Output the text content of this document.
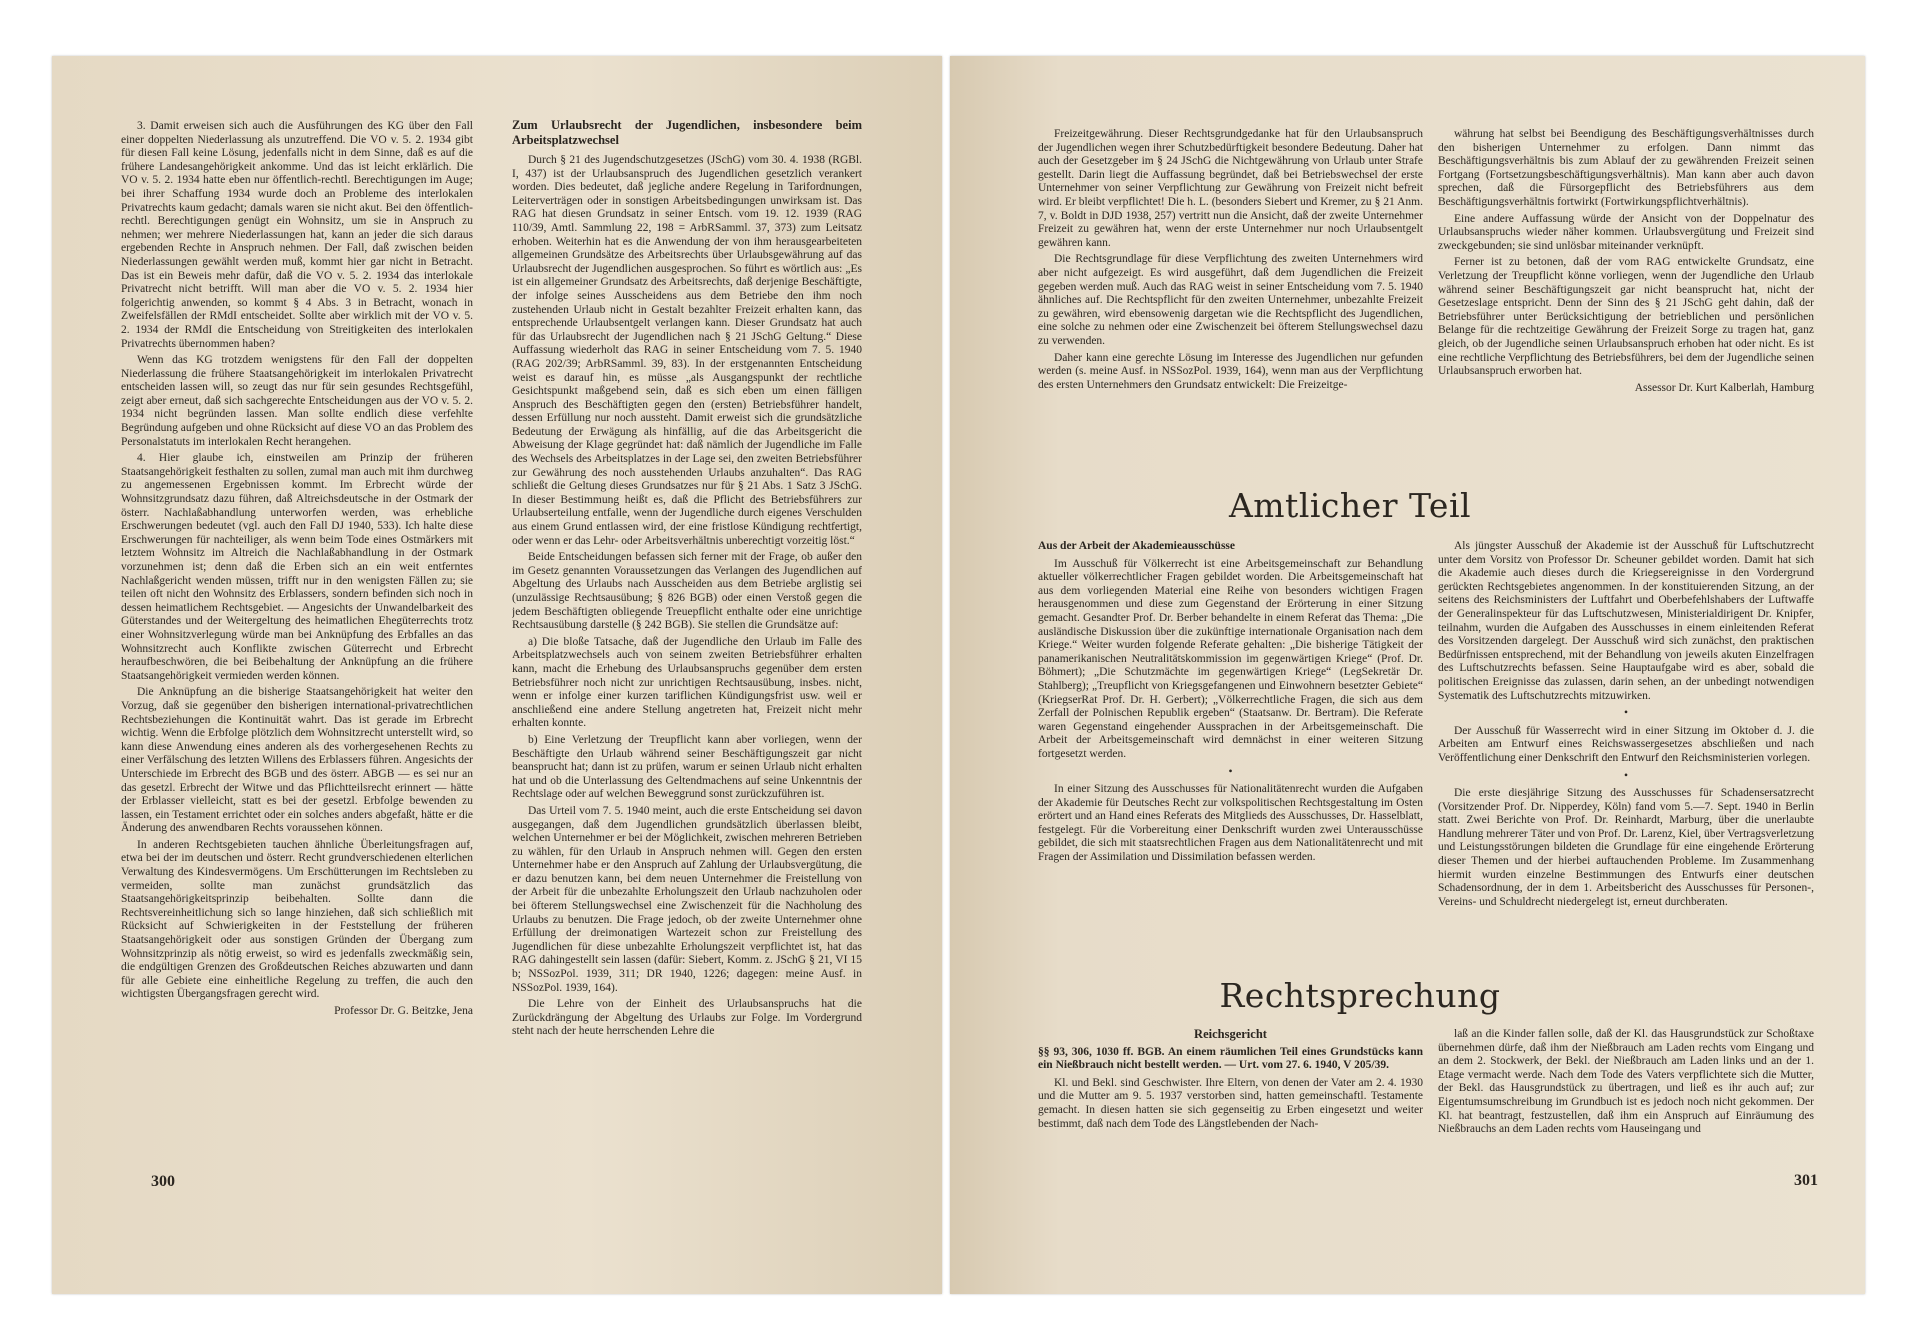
3. Damit erweisen sich auch die Ausführungen des KG über den Fall einer doppelten Niederlassung als unzutreffend. Die VO v. 5. 2. 1934 gibt für diesen Fall keine Lösung, jedenfalls nicht in dem Sinne, daß es auf die frühere Landesangehörigkeit ankomme. Und das ist leicht erklärlich. Die VO v. 5. 2. 1934 hatte eben nur öffentlich-rechtl. Berechtigungen im Auge; bei ihrer Schaffung 1934 wurde doch an Probleme des interlokalen Privatrechts kaum gedacht; damals waren sie nicht akut. Bei den öffentlich-rechtl. Berechtigungen genügt ein Wohnsitz, um sie in Anspruch zu nehmen; wer mehrere Niederlassungen hat, kann an jeder die sich daraus ergebenden Rechte in Anspruch nehmen. Der Fall, daß zwischen beiden Niederlassungen gewählt werden muß, kommt hier gar nicht in Betracht. Das ist ein Beweis mehr dafür, daß die VO v. 5. 2. 1934 das interlokale Privatrecht nicht betrifft. Will man aber die VO v. 5. 2. 1934 hier folgerichtig anwenden, so kommt § 4 Abs. 3 in Betracht, wonach in Zweifelsfällen der RMdI entscheidet. Sollte aber wirklich mit der VO v. 5. 2. 1934 der RMdI die Entscheidung von Streitigkeiten des interlokalen Privatrechts übernommen haben?

Wenn das KG trotzdem wenigstens für den Fall der doppelten Niederlassung die frühere Staatsangehörigkeit im interlokalen Privatrecht entscheiden lassen will, so zeugt das nur für sein gesundes Rechtsgefühl, zeigt aber erneut, daß sich sachgerechte Entscheidungen aus der VO v. 5. 2. 1934 nicht begründen lassen. Man sollte endlich diese verfehlte Begründung aufgeben und ohne Rücksicht auf diese VO an das Problem des Personalstatuts im interlokalen Recht herangehen.

4. Hier glaube ich, einstweilen am Prinzip der früheren Staatsangehörigkeit festhalten zu sollen, zumal man auch mit ihm durchweg zu angemessenen Ergebnissen kommt. Im Erbrecht würde der Wohnsitzgrundsatz dazu führen, daß Altreichsdeutsche in der Ostmark der österr. Nachlaßabhandlung unterworfen werden, was erhebliche Erschwerungen bedeutet (vgl. auch den Fall DJ 1940, 533). Ich halte diese Erschwerungen für nachteiliger, als wenn beim Tode eines Ostmärkers mit letztem Wohnsitz im Altreich die Nachlaßabhandlung in der Ostmark vorzunehmen ist; denn daß die Erben sich an ein weit entferntes Nachlaßgericht wenden müssen, trifft nur in den wenigsten Fällen zu; sie teilen oft nicht den Wohnsitz des Erblassers, sondern befinden sich noch in dessen heimatlichem Rechtsgebiet. — Angesichts der Unwandelbarkeit des Güterstandes und der Weitergeltung des heimatlichen Ehegüterrechts trotz einer Wohnsitzverlegung würde man bei Anknüpfung des Erbfalles an das Wohnsitzrecht auch Konflikte zwischen Güterrecht und Erbrecht heraufbeschwören, die bei Beibehaltung der Anknüpfung an die frühere Staatsangehörigkeit vermieden werden können.

Die Anknüpfung an die bisherige Staatsangehörigkeit hat weiter den Vorzug, daß sie gegenüber den bisherigen international-privatrechtlichen Rechtsbeziehungen die Kontinuität wahrt. Das ist gerade im Erbrecht wichtig. Wenn die Erbfolge plötzlich dem Wohnsitzrecht unterstellt wird, so kann diese Anwendung eines anderen als des vorhergesehenen Rechts zu einer Verfälschung des letzten Willens des Erblassers führen. Angesichts der Unterschiede im Erbrecht des BGB und des österr. ABGB — es sei nur an das gesetzl. Erbrecht der Witwe und das Pflichtteilsrecht erinnert — hätte der Erblasser vielleicht, statt es bei der gesetzl. Erbfolge bewenden zu lassen, ein Testament errichtet oder ein solches anders abgefaßt, hätte er die Änderung des anwendbaren Rechts voraussehen können.

In anderen Rechtsgebieten tauchen ähnliche Überleitungsfragen auf, etwa bei der im deutschen und österr. Recht grundverschiedenen elterlichen Verwaltung des Kindesvermögens. Um Erschütterungen im Rechtsleben zu vermeiden, sollte man zunächst grundsätzlich das Staatsangehörigkeitsprinzip beibehalten. Sollte dann die Rechtsvereinheitlichung sich so lange hinziehen, daß sich schließlich mit Rücksicht auf Schwierigkeiten in der Feststellung der früheren Staatsangehörigkeit oder aus sonstigen Gründen der Übergang zum Wohnsitzprinzip als nötig erweist, so wird es jedenfalls zweckmäßig sein, die endgültigen Grenzen des Großdeutschen Reiches abzuwarten und dann für alle Gebiete eine einheitliche Regelung zu treffen, die auch den wichtigsten Übergangsfragen gerecht wird.

Professor Dr. G. Beitzke, Jena
Zum Urlaubsrecht der Jugendlichen, insbesondere beim Arbeitsplatzwechsel

Durch § 21 des Jugendschutzgesetzes (JSchG) vom 30. 4. 1938 (RGBl. I, 437) ist der Urlaubsanspruch des Jugendlichen gesetzlich verankert worden. Dies bedeutet, daß jegliche andere Regelung in Tarifordnungen, Leiterverträgen oder in sonstigen Arbeitsbedingungen unwirksam ist. Das RAG hat diesen Grundsatz in seiner Entsch. vom 19. 12. 1939 (RAG 110/39, Amtl. Sammlung 22, 198 = ArbRSamml. 37, 373) zum Leitsatz erhoben. Weiterhin hat es die Anwendung der von ihm herausgearbeiteten allgemeinen Grundsätze des Arbeitsrechts über Urlaubsgewährung auf das Urlaubsrecht der Jugendlichen ausgesprochen. So führt es wörtlich aus: „Es ist ein allgemeiner Grundsatz des Arbeitsrechts, daß derjenige Beschäftigte, der infolge seines Ausscheidens aus dem Betriebe den ihm noch zustehenden Urlaub nicht in Gestalt bezahlter Freizeit erhalten kann, das entsprechende Urlaubsentgelt verlangen kann. Dieser Grundsatz hat auch für das Urlaubsrecht der Jugendlichen nach § 21 JSchG Geltung.“ Diese Auffassung wiederholt das RAG in seiner Entscheidung vom 7. 5. 1940 (RAG 202/39; ArbRSamml. 39, 83). In der erstgenannten Entscheidung weist es darauf hin, es müsse „als Ausgangspunkt der rechtliche Gesichtspunkt maßgebend sein, daß es sich eben um einen fälligen Anspruch des Beschäftigten gegen den (ersten) Betriebsführer handelt, dessen Erfüllung nur noch aussteht. Damit erweist sich die grundsätzliche Bedeutung der Erwägung als hinfällig, auf die das Arbeitsgericht die Abweisung der Klage gegründet hat: daß nämlich der Jugendliche im Falle des Wechsels des Arbeitsplatzes in der Lage sei, den zweiten Betriebsführer zur Gewährung des noch ausstehenden Urlaubs anzuhalten“. Das RAG schließt die Geltung dieses Grundsatzes nur für § 21 Abs. 1 Satz 3 JSchG. In dieser Bestimmung heißt es, daß die Pflicht des Betriebsführers zur Urlaubserteilung entfalle, wenn der Jugendliche durch eigenes Verschulden aus einem Grund entlassen wird, der eine fristlose Kündigung rechtfertigt, oder wenn er das Lehr- oder Arbeitsverhältnis unberechtigt vorzeitig löst.“

Beide Entscheidungen befassen sich ferner mit der Frage, ob außer den im Gesetz genannten Voraussetzungen das Verlangen des Jugendlichen auf Abgeltung des Urlaubs nach Ausscheiden aus dem Betriebe arglistig sei (unzulässige Rechtsausübung; § 826 BGB) oder einen Verstoß gegen die jedem Beschäftigten obliegende Treuepflicht enthalte oder eine unrichtige Rechtsausübung darstelle (§ 242 BGB). Sie stellen die Grundsätze auf:

a) Die bloße Tatsache, daß der Jugendliche den Urlaub im Falle des Arbeitsplatzwechsels auch von seinem zweiten Betriebsführer erhalten kann, macht die Erhebung des Urlaubsanspruchs gegenüber dem ersten Betriebsführer noch nicht zur unrichtigen Rechtsausübung, insbes. nicht, wenn er infolge einer kurzen tariflichen Kündigungsfrist usw. weil er anschließend eine andere Stellung angetreten hat, Freizeit nicht mehr erhalten konnte.

b) Eine Verletzung der Treupflicht kann aber vorliegen, wenn der Beschäftigte den Urlaub während seiner Beschäftigungszeit gar nicht beansprucht hat; dann ist zu prüfen, warum er seinen Urlaub nicht erhalten hat und ob die Unterlassung des Geltendmachens auf seine Unkenntnis der Rechtslage oder auf welchen Beweggrund sonst zurückzuführen ist.

Das Urteil vom 7. 5. 1940 meint, auch die erste Entscheidung sei davon ausgegangen, daß dem Jugendlichen grundsätzlich überlassen bleibt, welchen Unternehmer er bei der Möglichkeit, zwischen mehreren Betrieben zu wählen, für den Urlaub in Anspruch nehmen will. Gegen den ersten Unternehmer habe er den Anspruch auf Zahlung der Urlaubsvergütung, die er dazu benutzen kann, bei dem neuen Unternehmer die Freistellung von der Arbeit für die unbezahlte Erholungszeit den Urlaub nachzuholen oder bei öfterem Stellungswechsel eine Zwischenzeit für die Nachholung des Urlaubs zu benutzen. Die Frage jedoch, ob der zweite Unternehmer ohne Erfüllung der dreimonatigen Wartezeit schon zur Freistellung des Jugendlichen für diese unbezahlte Erholungszeit verpflichtet ist, hat das RAG dahingestellt sein lassen (dafür: Siebert, Komm. z. JSchG § 21, VI 15 b; NSSozPol. 1939, 311; DR 1940, 1226; dagegen: meine Ausf. in NSSozPol. 1939, 164).

Die Lehre von der Einheit des Urlaubsanspruchs hat die Zurückdrängung der Abgeltung des Urlaubs zur Folge. Im Vordergrund steht nach der heute herrschenden Lehre die

300

Freizeitgewährung. Dieser Rechtsgrundgedanke hat für den Urlaubsanspruch der Jugendlichen wegen ihrer Schutzbedürftigkeit besondere Bedeutung. Daher hat auch der Gesetzgeber im § 24 JSchG die Nichtgewährung von Urlaub unter Strafe gestellt. Darin liegt die Auffassung begründet, daß bei Betriebswechsel der erste Unternehmer von seiner Verpflichtung zur Gewährung von Freizeit nicht befreit wird. Er bleibt verpflichtet! Die h. L. (besonders Siebert und Kremer, zu § 21 Anm. 7, v. Boldt in DJD 1938, 257) vertritt nun die Ansicht, daß der zweite Unternehmer Freizeit zu gewähren hat, wenn der erste Unternehmer nur noch Urlaubsentgelt gewähren kann.

Die Rechtsgrundlage für diese Verpflichtung des zweiten Unternehmers wird aber nicht aufgezeigt. Es wird ausgeführt, daß dem Jugendlichen die Freizeit gegeben werden muß. Auch das RAG weist in seiner Entscheidung vom 7. 5. 1940 ähnliches auf. Die Rechtspflicht für den zweiten Unternehmer, unbezahlte Freizeit zu gewähren, wird ebensowenig dargetan wie die Rechtspflicht des Jugendlichen, eine solche zu nehmen oder eine Zwischenzeit bei öfterem Stellungswechsel dazu zu verwenden.

Daher kann eine gerechte Lösung im Interesse des Jugendlichen nur gefunden werden (s. meine Ausf. in NSSozPol. 1939, 164), wenn man aus der Verpflichtung des ersten Unternehmers den Grundsatz entwickelt: Die Freizeitge-

währung hat selbst bei Beendigung des Beschäftigungsverhältnisses durch den bisherigen Unternehmer zu erfolgen. Dann nimmt das Beschäftigungsverhältnis bis zum Ablauf der zu gewährenden Freizeit seinen Fortgang (Fortsetzungsbeschäftigungsverhältnis). Man kann aber auch davon sprechen, daß die Fürsorgepflicht des Betriebsführers aus dem Beschäftigungsverhältnis fortwirkt (Fortwirkungspflichtverhältnis).

Eine andere Auffassung würde der Ansicht von der Doppelnatur des Urlaubsanspruchs wieder näher kommen. Urlaubsvergütung und Freizeit sind zweckgebunden; sie sind unlösbar miteinander verknüpft.

Ferner ist zu betonen, daß der vom RAG entwickelte Grundsatz, eine Verletzung der Treupflicht könne vorliegen, wenn der Jugendliche den Urlaub während seiner Beschäftigungszeit gar nicht beansprucht hat, nicht der Gesetzeslage entspricht. Denn der Sinn des § 21 JSchG geht dahin, daß der Betriebsführer unter Berücksichtigung der betrieblichen und persönlichen Belange für die rechtzeitige Gewährung der Freizeit Sorge zu tragen hat, ganz gleich, ob der Jugendliche seinen Urlaubsanspruch erhoben hat oder nicht. Es ist eine rechtliche Verpflichtung des Betriebsführers, bei dem der Jugendliche seinen Urlaubsanspruch erworben hat.

Assessor Dr. Kurt Kalberlah, Hamburg
Amtlicher Teil
Aus der Arbeit der Akademieausschüsse

Im Ausschuß für Völkerrecht ist eine Arbeitsgemeinschaft zur Behandlung aktueller völkerrechtlicher Fragen gebildet worden. Die Arbeitsgemeinschaft hat aus dem vorliegenden Material eine Reihe von besonders wichtigen Fragen herausgenommen und diese zum Gegenstand der Erörterung in einer Sitzung gemacht. Gesandter Prof. Dr. Berber behandelte in einem Referat das Thema: „Die ausländische Diskussion über die zukünftige internationale Organisation nach dem Kriege.“ Weiter wurden folgende Referate gehalten: „Die bisherige Tätigkeit der panamerikanischen Neutralitätskommission im gegenwärtigen Kriege“ (Prof. Dr. Böhmert); „Die Schutzmächte im gegenwärtigen Kriege“ (LegSekretär Dr. Stahlberg); „Treupflicht von Kriegsgefangenen und Einwohnern besetzter Gebiete“ (KriegserRat Prof. Dr. H. Gerbert); „Völkerrechtliche Fragen, die sich aus dem Zerfall der Polnischen Republik ergeben“ (Staatsanw. Dr. Bertram). Die Referate waren Gegenstand eingehender Aussprachen in der Arbeitsgemeinschaft. Die Arbeit der Arbeitsgemeinschaft wird demnächst in einer weiteren Sitzung fortgesetzt werden.

•

In einer Sitzung des Ausschusses für Nationalitätenrecht wurden die Aufgaben der Akademie für Deutsches Recht zur volkspolitischen Rechtsgestaltung im Osten erörtert und an Hand eines Referats des Mitglieds des Ausschusses, Dr. Hasselblatt, festgelegt. Für die Vorbereitung einer Denkschrift wurden zwei Unterausschüsse gebildet, die sich mit staatsrechtlichen Fragen aus dem Nationalitätenrecht und mit Fragen der Assimilation und Dissimilation befassen werden.

Als jüngster Ausschuß der Akademie ist der Ausschuß für Luftschutzrecht unter dem Vorsitz von Professor Dr. Scheuner gebildet worden. Damit hat sich die Akademie auch dieses durch die Kriegsereignisse in den Vordergrund gerückten Rechtsgebietes angenommen. In der konstituierenden Sitzung, an der seitens des Reichsministers der Luftfahrt und Oberbefehlshabers der Luftwaffe der Generalinspekteur für das Luftschutzwesen, Ministerialdirigent Dr. Knipfer, teilnahm, wurden die Aufgaben des Ausschusses in einem einleitenden Referat des Vorsitzenden dargelegt. Der Ausschuß wird sich zunächst, den praktischen Bedürfnissen entsprechend, mit der Behandlung von jeweils akuten Einzelfragen des Luftschutzrechts befassen. Seine Hauptaufgabe wird es aber, sobald die politischen Ereignisse das zulassen, darin sehen, an der unbedingt notwendigen Systematik des Luftschutzrechts mitzuwirken.

•

Der Ausschuß für Wasserrecht wird in einer Sitzung im Oktober d. J. die Arbeiten am Entwurf eines Reichswassergesetzes abschließen und nach Veröffentlichung einer Denkschrift den Entwurf den Reichsministerien vorlegen.

•

Die erste diesjährige Sitzung des Ausschusses für Schadensersatzrecht (Vorsitzender Prof. Dr. Nipperdey, Köln) fand vom 5.—7. Sept. 1940 in Berlin statt. Zwei Berichte von Prof. Dr. Reinhardt, Marburg, über die unerlaubte Handlung mehrerer Täter und von Prof. Dr. Larenz, Kiel, über Vertragsverletzung und Leistungsstörungen bildeten die Grundlage für eine eingehende Erörterung dieser Themen und der hierbei auftauchenden Probleme. Im Zusammenhang hiermit wurden einzelne Bestimmungen des Entwurfs einer deutschen Schadensordnung, der in dem 1. Arbeitsbericht des Ausschusses für Personen-, Vereins- und Schuldrecht niedergelegt ist, erneut durchberaten.

Rechtsprechung
Reichsgericht
§§ 93, 306, 1030 ff. BGB. An einem räumlichen Teil eines Grundstücks kann ein Nießbrauch nicht bestellt werden. — Urt. vom 27. 6. 1940, V 205/39.

Kl. und Bekl. sind Geschwister. Ihre Eltern, von denen der Vater am 2. 4. 1930 und die Mutter am 9. 5. 1937 verstorben sind, hatten gemeinschaftl. Testamente gemacht. In diesen hatten sie sich gegenseitig zu Erben eingesetzt und weiter bestimmt, daß nach dem Tode des Längstlebenden der Nach-

laß an die Kinder fallen solle, daß der Kl. das Hausgrundstück zur Schoßtaxe übernehmen dürfe, daß ihm der Nießbrauch am Laden rechts vom Eingang und an dem 2. Stockwerk, der Bekl. der Nießbrauch am Laden links und an der 1. Etage vermacht werde. Nach dem Tode des Vaters verpflichtete sich die Mutter, der Bekl. das Hausgrundstück zu übertragen, und ließ es ihr auch auf; zur Eigentumsumschreibung im Grundbuch ist es jedoch noch nicht gekommen. Der Kl. hat beantragt, festzustellen, daß ihm ein Anspruch auf Einräumung des Nießbrauchs an dem Laden rechts vom Hauseingang und

301
